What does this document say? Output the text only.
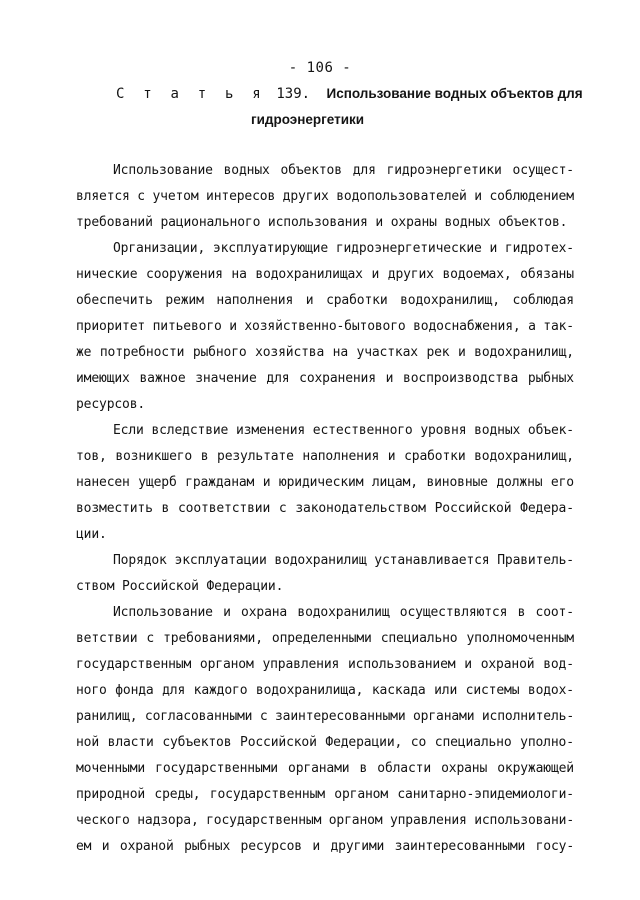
- 106 -
С т а т ь я 139. Использование водных объектов для
гидроэнергетики
Использование водных объектов для гидроэнергетики осущест-
вляется с учетом интересов других водопользователей и соблюдением
требований рационального использования и охраны водных объектов.
Организации, эксплуатирующие гидроэнергетические и гидротех-
нические сооружения на водохранилищах и других водоемах, обязаны
обеспечить режим наполнения и сработки водохранилищ, соблюдая
приоритет питьевого и хозяйственно-бытового водоснабжения, а так-
же потребности рыбного хозяйства на участках рек и водохранилищ,
имеющих важное значение для сохранения и воспроизводства рыбных
ресурсов.
Если вследствие изменения естественного уровня водных объек-
тов, возникшего в результате наполнения и сработки водохранилищ,
нанесен ущерб гражданам и юридическим лицам, виновные должны его
возместить в соответствии с законодательством Российской Федера-
ции.
Порядок эксплуатации водохранилищ устанавливается Правитель-
ством Российской Федерации.
Использование и охрана водохранилищ осуществляются в соот-
ветствии с требованиями, определенными специально уполномоченным
государственным органом управления использованием и охраной вод-
ного фонда для каждого водохранилища, каскада или системы водох-
ранилищ, согласованными с заинтересованными органами исполнитель-
ной власти субъектов Российской Федерации, со специально уполно-
моченными государственными органами в области охраны окружающей
природной среды, государственным органом санитарно-эпидемиологи-
ческого надзора, государственным органом управления использовани-
ем и охраной рыбных ресурсов и другими заинтересованными госу-
